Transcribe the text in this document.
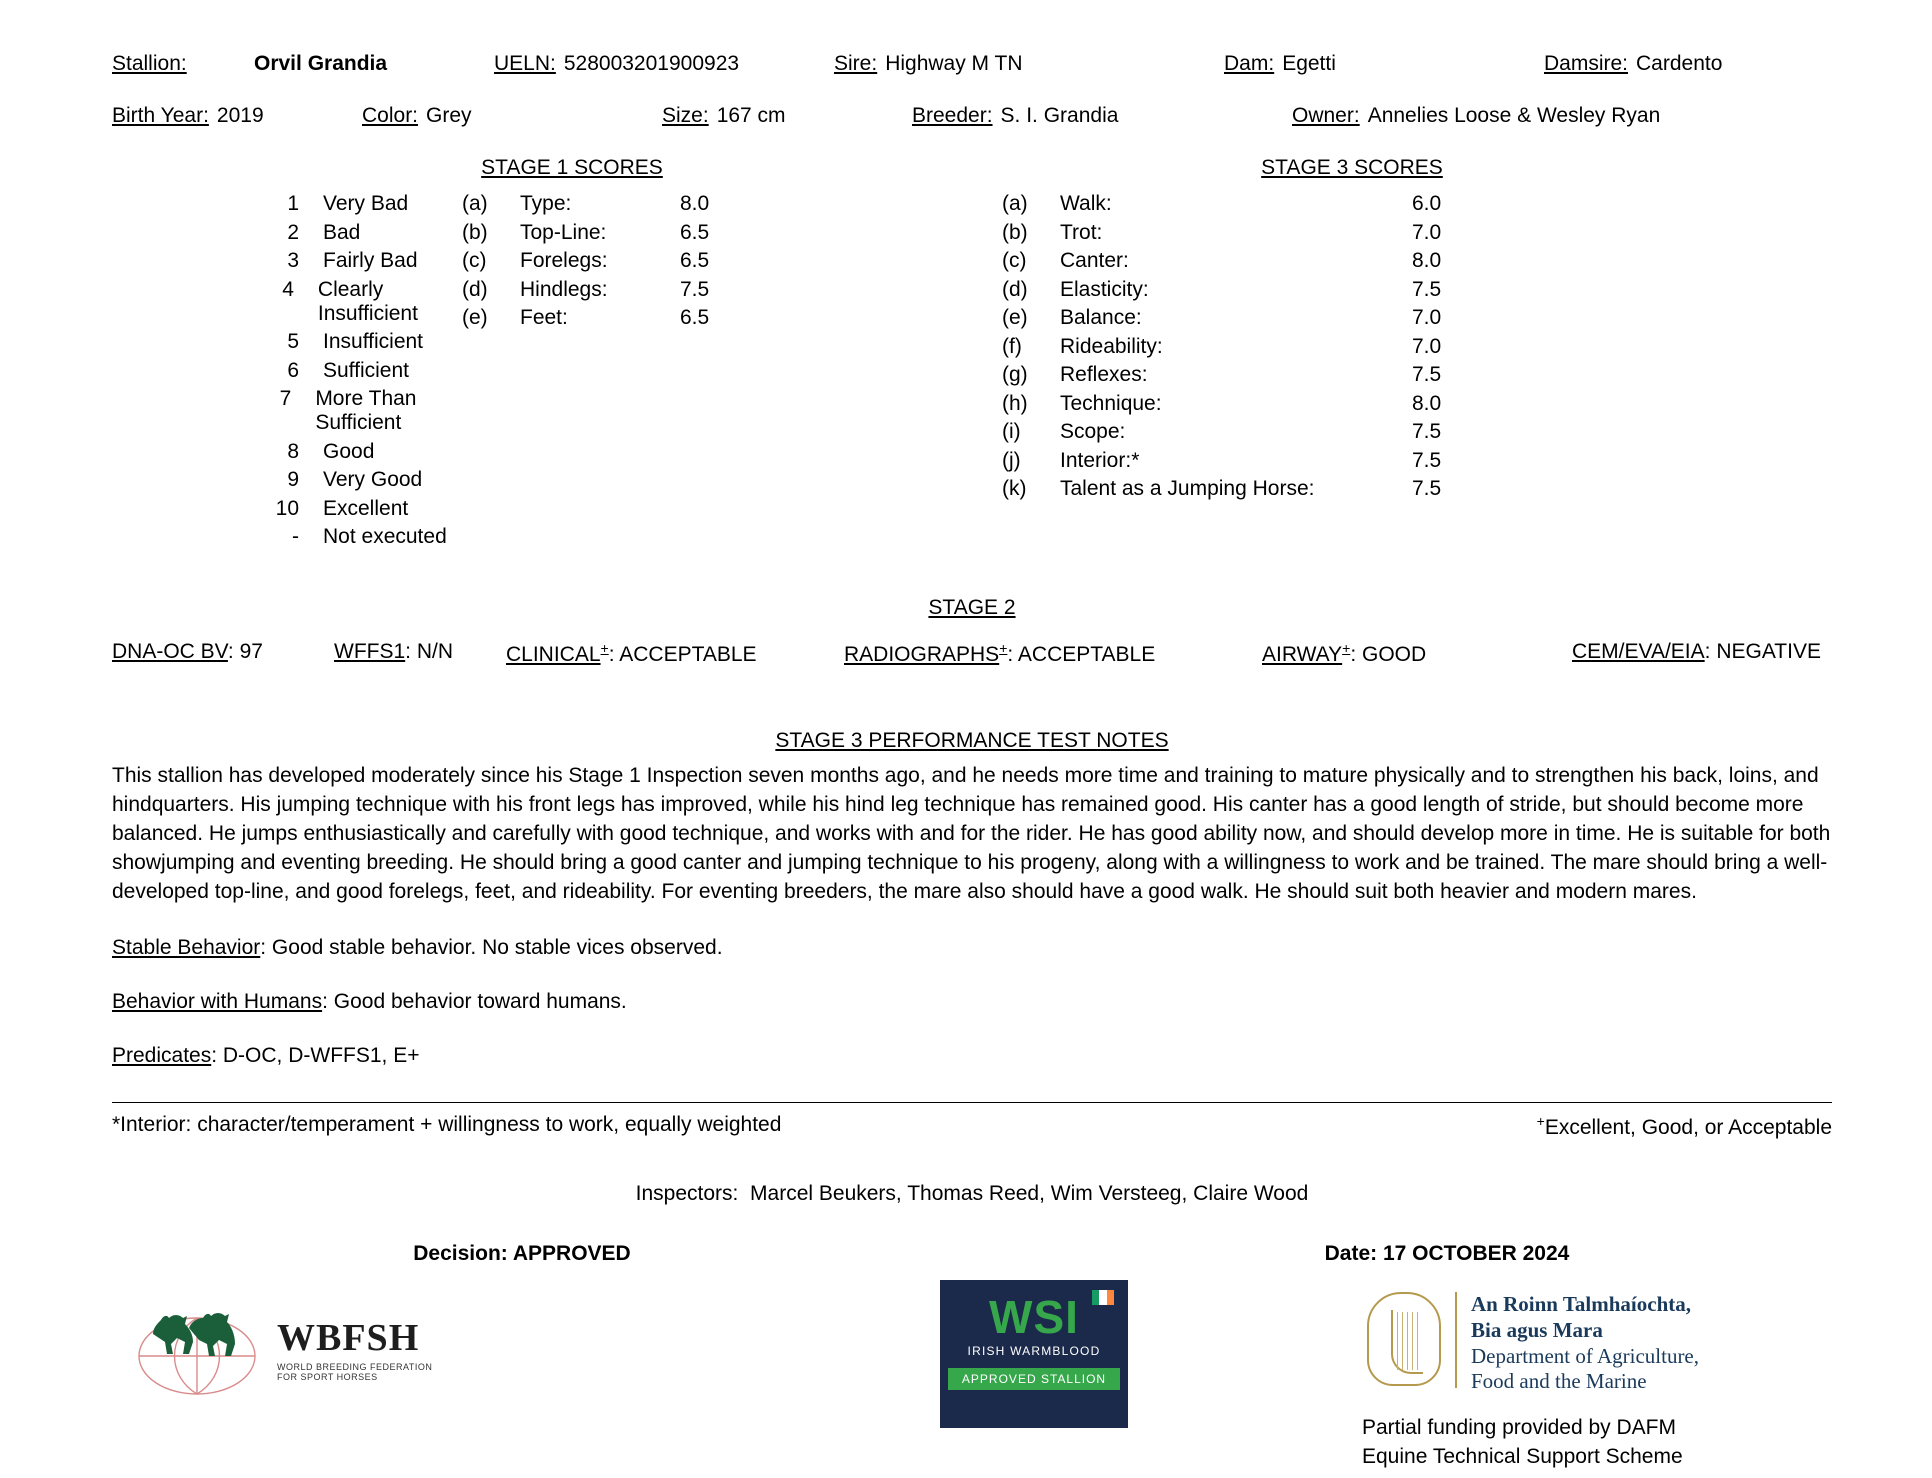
Stallion:	Orvil Grandia	UELN: 528003201900923	Sire: Highway M TN	Dam: Egetti	Damsire: Cardento
Birth Year: 2019	Color: Grey	Size: 167 cm	Breeder: S. I. Grandia	Owner: Annelies Loose & Wesley Ryan
STAGE 1 SCORES	STAGE 3 SCORES
1	Very Bad
2	Bad
3	Fairly Bad
4	Clearly Insufficient
5	Insufficient
6	Sufficient
7	More Than Sufficient
8	Good
9	Very Good
10	Excellent
-	Not executed
(a)	Type:	8.0
(b)	Top-Line:	6.5
(c)	Forelegs:	6.5
(d)	Hindlegs:	7.5
(e)	Feet:	6.5
(a)	Walk:	6.0
(b)	Trot:	7.0
(c)	Canter:	8.0
(d)	Elasticity:	7.5
(e)	Balance:	7.0
(f)	Rideability:	7.0
(g)	Reflexes:	7.5
(h)	Technique:	8.0
(i)	Scope:	7.5
(j)	Interior:*	7.5
(k)	Talent as a Jumping Horse:	7.5
STAGE 2
DNA-OC BV: 97	WFFS1: N/N	CLINICAL+: ACCEPTABLE	RADIOGRAPHS+: ACCEPTABLE	AIRWAY+: GOOD	CEM/EVA/EIA: NEGATIVE
STAGE 3 PERFORMANCE TEST NOTES
This stallion has developed moderately since his Stage 1 Inspection seven months ago, and he needs more time and training to mature physically and to strengthen his back, loins, and hindquarters. His jumping technique with his front legs has improved, while his hind leg technique has remained good. His canter has a good length of stride, but should become more balanced. He jumps enthusiastically and carefully with good technique, and works with and for the rider. He has good ability now, and should develop more in time. He is suitable for both showjumping and eventing breeding. He should bring a good canter and jumping technique to his progeny, along with a willingness to work and be trained. The mare should bring a well-developed top-line, and good forelegs, feet, and rideability. For eventing breeders, the mare also should have a good walk. He should suit both heavier and modern mares.
Stable Behavior: Good stable behavior. No stable vices observed.
Behavior with Humans: Good behavior toward humans.
Predicates: D-OC, D-WFFS1, E+
*Interior: character/temperament + willingness to work, equally weighted	+Excellent, Good, or Acceptable
Inspectors: Marcel Beukers, Thomas Reed, Wim Versteeg, Claire Wood
Decision: APPROVED	Date: 17 OCTOBER 2024
WBFSH
WORLD BREEDING FEDERATION
FOR SPORT HORSES
WSI
IRISH WARMBLOOD
APPROVED STALLION
An Roinn Talmhaíochta,
Bia agus Mara
Department of Agriculture,
Food and the Marine
Partial funding provided by DAFM
Equine Technical Support Scheme
